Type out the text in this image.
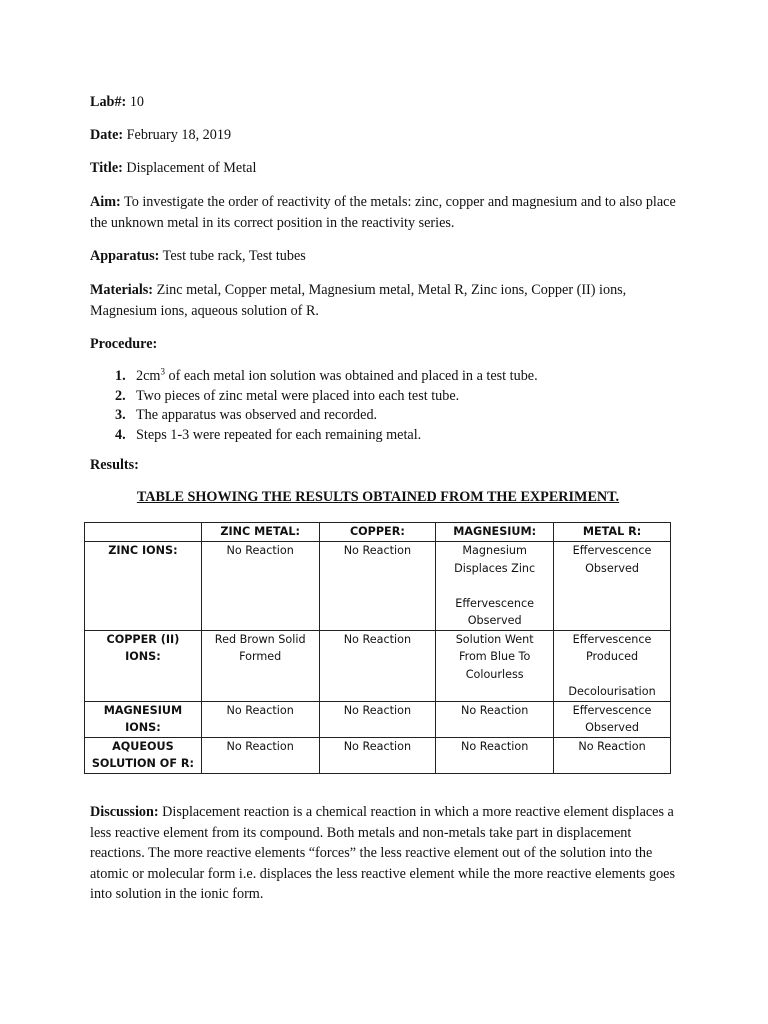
Lab#: 10

Date: February 18, 2019

Title: Displacement of Metal

Aim: To investigate the order of reactivity of the metals: zinc, copper and magnesium and to also place the unknown metal in its correct position in the reactivity series.

Apparatus: Test tube rack, Test tubes

Materials: Zinc metal, Copper metal, Magnesium metal, Metal R, Zinc ions, Copper (II) ions, Magnesium ions, aqueous solution of R.

Procedure:

1. $2cm^3$ of each metal ion solution was obtained and placed in a test tube.
2. Two pieces of zinc metal were placed into each test tube.
3. The apparatus was observed and recorded.
4. Steps 1-3 were repeated for each remaining metal.

Results:

TABLE SHOWING THE RESULTS OBTAINED FROM THE EXPERIMENT.

	ZINC METAL:	COPPER:	MAGNESIUM:	METAL R:
ZINC IONS:	No Reaction	No Reaction	Magnesium
Displaces Zinc
Effervescence
Observed	Effervescence
Observed

COPPER (II) IONS:	Red Brown Solid
Formed	No Reaction	Solution Went
From Blue To
Colourless	Effervescence
Produced
Decolourisation

MAGNESIUM IONS:	No Reaction	No Reaction	No Reaction	Effervescence
Observed

AQUEOUS SOLUTION OF R:	No Reaction	No Reaction	No Reaction	No Reaction

Discussion: Displacement reaction is a chemical reaction in which a more reactive element displaces a less reactive element from its compound. Both metals and non-metals take part in displacement reactions. The more reactive elements “forces” the less reactive element out of the solution into the atomic or molecular form i.e. displaces the less reactive element while the more reactive elements goes into solution in the ionic form.
